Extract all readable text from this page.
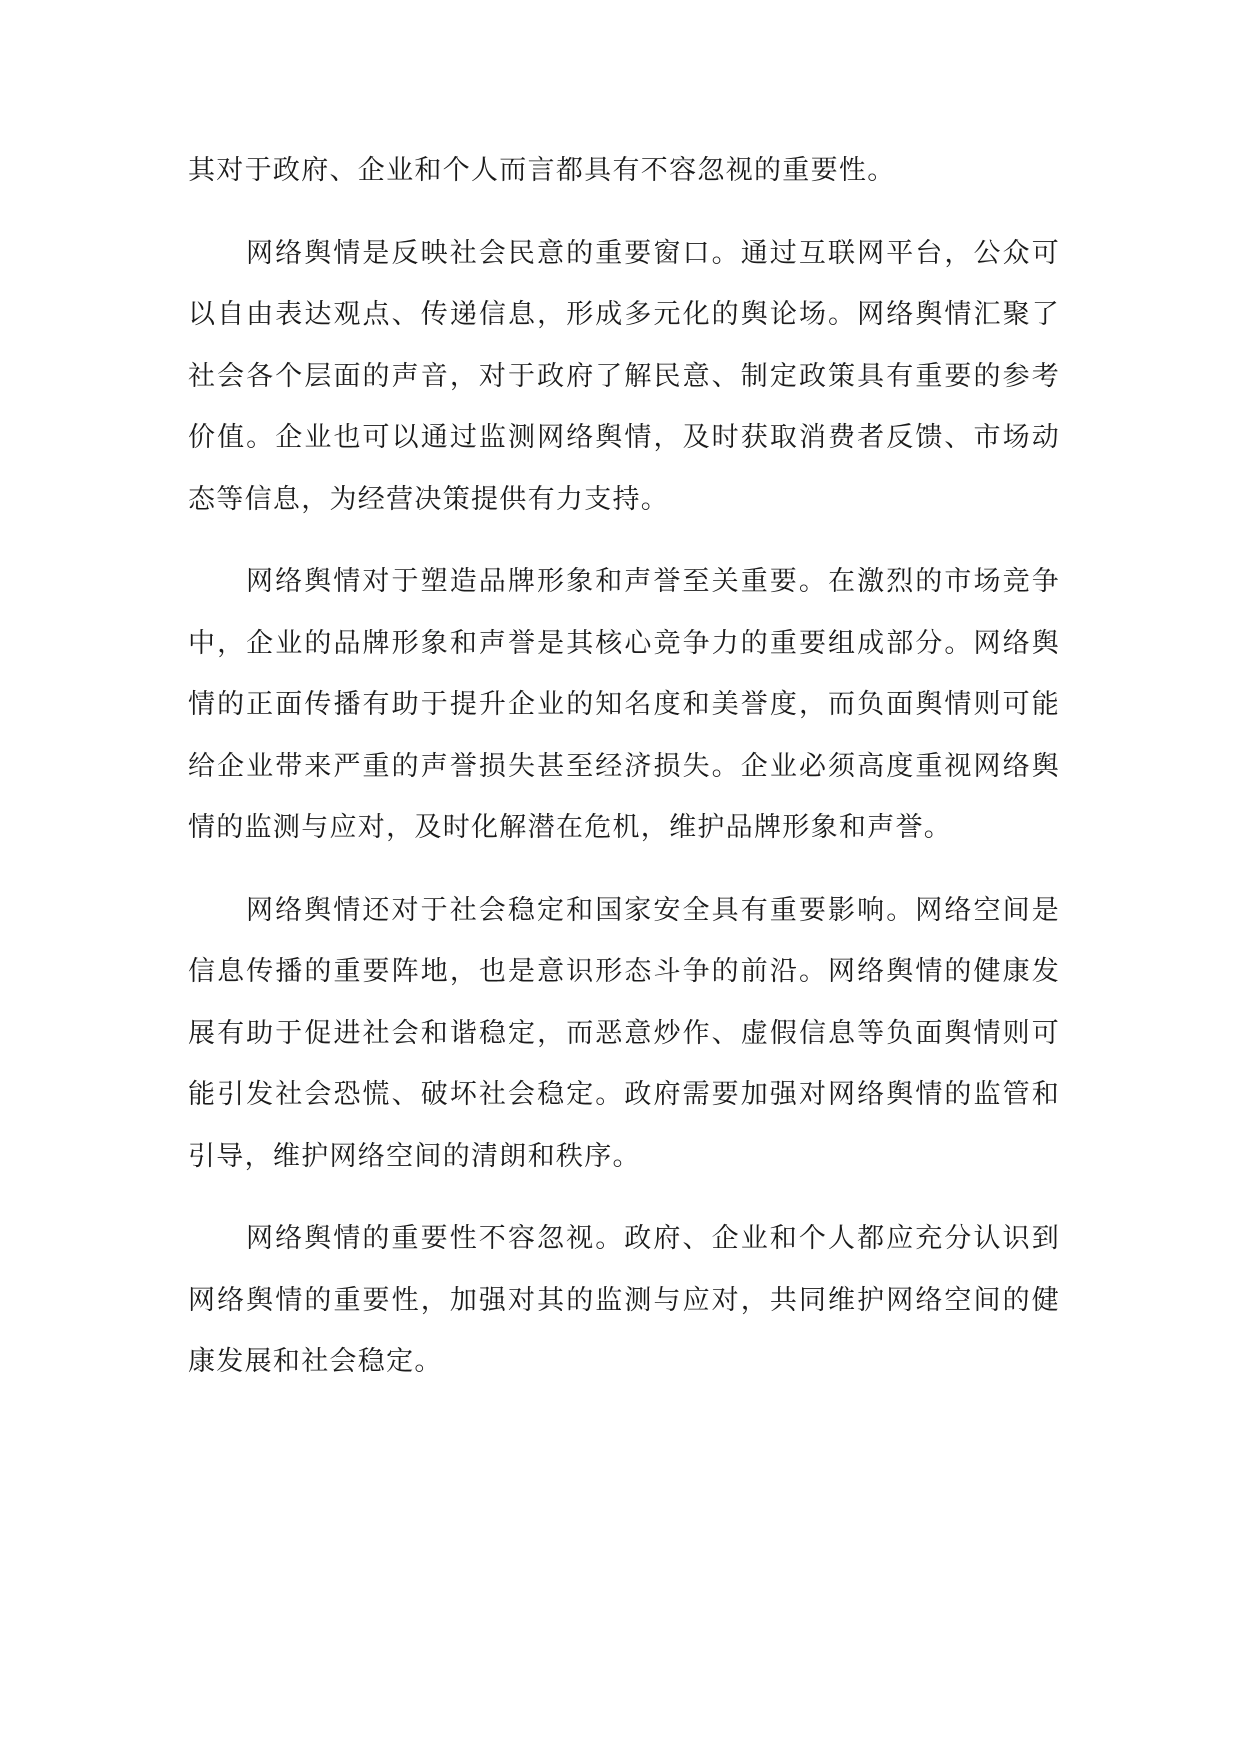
其对于政府、企业和个人而言都具有不容忽视的重要性。

网络舆情是反映社会民意的重要窗口。通过互联网平台，公众可以自由表达观点、传递信息，形成多元化的舆论场。网络舆情汇聚了社会各个层面的声音，对于政府了解民意、制定政策具有重要的参考价值。企业也可以通过监测网络舆情，及时获取消费者反馈、市场动态等信息，为经营决策提供有力支持。

网络舆情对于塑造品牌形象和声誉至关重要。在激烈的市场竞争中，企业的品牌形象和声誉是其核心竞争力的重要组成部分。网络舆情的正面传播有助于提升企业的知名度和美誉度，而负面舆情则可能给企业带来严重的声誉损失甚至经济损失。企业必须高度重视网络舆情的监测与应对，及时化解潜在危机，维护品牌形象和声誉。

网络舆情还对于社会稳定和国家安全具有重要影响。网络空间是信息传播的重要阵地，也是意识形态斗争的前沿。网络舆情的健康发展有助于促进社会和谐稳定，而恶意炒作、虚假信息等负面舆情则可能引发社会恐慌、破坏社会稳定。政府需要加强对网络舆情的监管和引导，维护网络空间的清朗和秩序。

网络舆情的重要性不容忽视。政府、企业和个人都应充分认识到网络舆情的重要性，加强对其的监测与应对，共同维护网络空间的健康发展和社会稳定。
